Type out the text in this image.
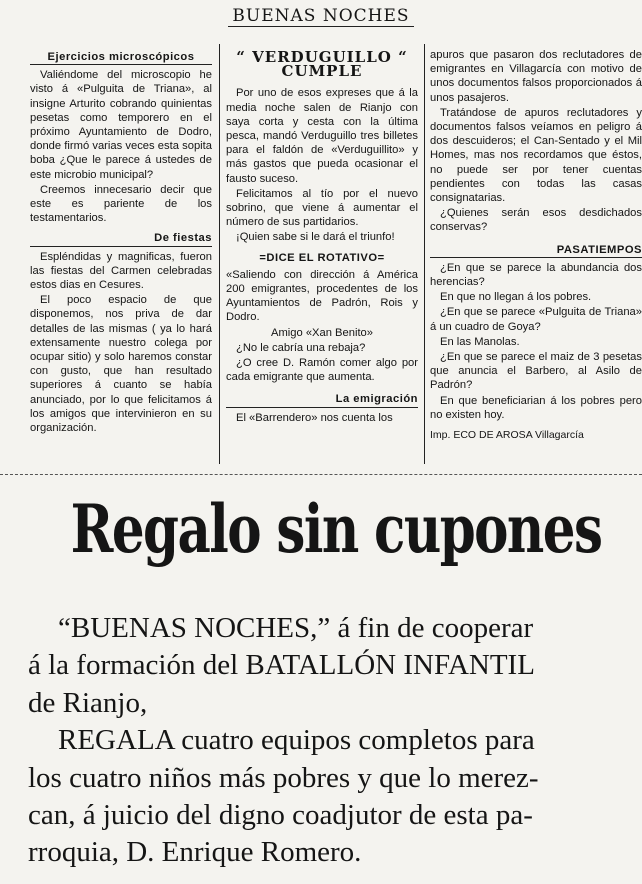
BUENAS NOCHES
Ejercicios microscópicos

Valiéndome del microscopio he visto á «Pulguita de Triana», al insigne Arturito cobrando quinientas pesetas como temporero en el próximo Ayuntamiento de Dodro, donde firmó varias veces esta sopita boba ¿Que le parece á ustedes de este microbio municipal?

Creemos innecesario decir que este es pariente de los testamentarios.

De fiestas

Espléndidas y magnificas, fueron las fiestas del Carmen celebradas estos dias en Cesures.

El poco espacio de que disponemos, nos priva de dar detalles de las mismas ( ya lo hará extensamente nuestro colega por ocupar sitio) y solo haremos constar con gusto, que han resultado superiores á cuanto se había anunciado, por lo que felicitamos á los amigos que intervinieron en su organización.

“ VERDUGUILLO “ CUMPLE

Por uno de esos expreses que á la media noche salen de Rianjo con saya corta y cesta con la última pesca, mandó Verduguillo tres billetes para el faldón de «Verduguillito» y más gastos que pueda ocasionar el fausto suceso.

Felicitamos al tío por el nuevo sobrino, que viene á aumentar el número de sus partidarios.

¡Quien sabe si le dará el triunfo!

=DICE EL ROTATIVO=

«Saliendo con dirección á América 200 emigrantes, procedentes de los Ayuntamientos de Padrón, Rois y Dodro.

Amigo «Xan Benito»

¿No le cabría una rebaja?

¿O cree D. Ramón comer algo por cada emigrante que aumenta.

La emigración

El «Barrendero» nos cuenta los

apuros que pasaron dos reclutadores de emigrantes en Villagarcía con motivo de unos documentos falsos proporcionados á unos pasajeros.

Tratándose de apuros reclutadores y documentos falsos veíamos en peligro á dos descuideros; el Can-Sentado y el Mil Homes, mas nos recordamos que éstos, no puede ser por tener cuentas pendientes con todas las casas consignatarias.

¿Quienes serán esos desdichados conservas?

PASATIEMPOS

¿En que se parece la abundancia dos herencias?

En que no llegan á los pobres.

¿En que se parece «Pulguita de Triana» á un cuadro de Goya?

En las Manolas.

¿En que se parece el maiz de 3 pesetas que anuncia el Barbero, al Asilo de Padrón?

En que beneficiarian á los pobres pero no existen hoy.

Imp. ECO DE AROSA Villagarcía

Regalo sin cupones
“BUENAS NOCHES,” á fin de cooperar
á la formación del BATALLÓN INFANTIL
de Rianjo,
REGALA cuatro equipos completos para
los cuatro niños más pobres y que lo merez-
can, á juicio del digno coadjutor de esta pa-
rroquia, D. Enrique Romero.
